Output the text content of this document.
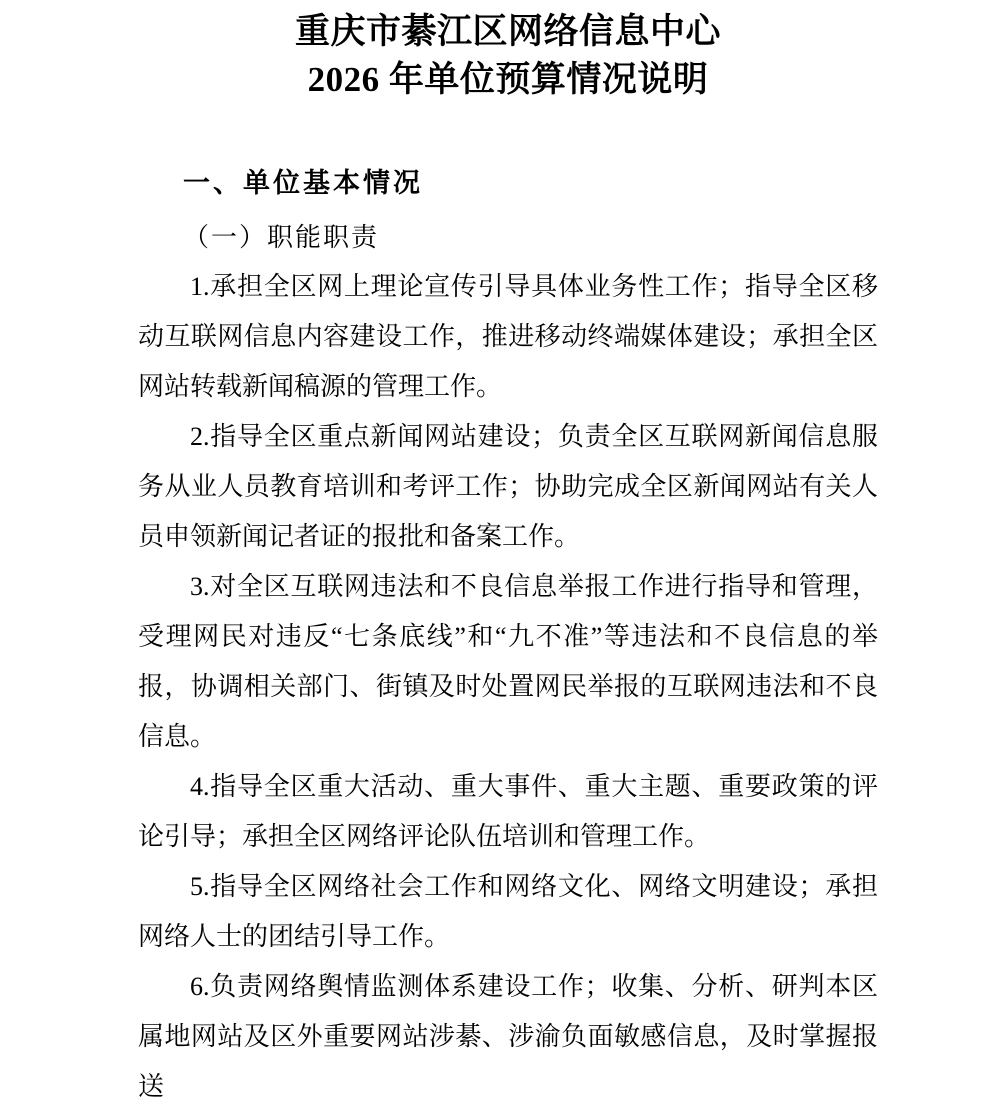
重庆市綦江区网络信息中心
2026 年单位预算情况说明
一、单位基本情况
（一）职能职责

1.承担全区网上理论宣传引导具体业务性工作；指导全区移动互联网信息内容建设工作，推进移动终端媒体建设；承担全区网站转载新闻稿源的管理工作。

2.指导全区重点新闻网站建设；负责全区互联网新闻信息服务从业人员教育培训和考评工作；协助完成全区新闻网站有关人员申领新闻记者证的报批和备案工作。

3.对全区互联网违法和不良信息举报工作进行指导和管理，受理网民对违反“七条底线”和“九不准”等违法和不良信息的举报，协调相关部门、街镇及时处置网民举报的互联网违法和不良信息。

4.指导全区重大活动、重大事件、重大主题、重要政策的评论引导；承担全区网络评论队伍培训和管理工作。

5.指导全区网络社会工作和网络文化、网络文明建设；承担网络人士的团结引导工作。

6.负责网络舆情监测体系建设工作；收集、分析、研判本区属地网站及区外重要网站涉綦、涉渝负面敏感信息，及时掌握报送
